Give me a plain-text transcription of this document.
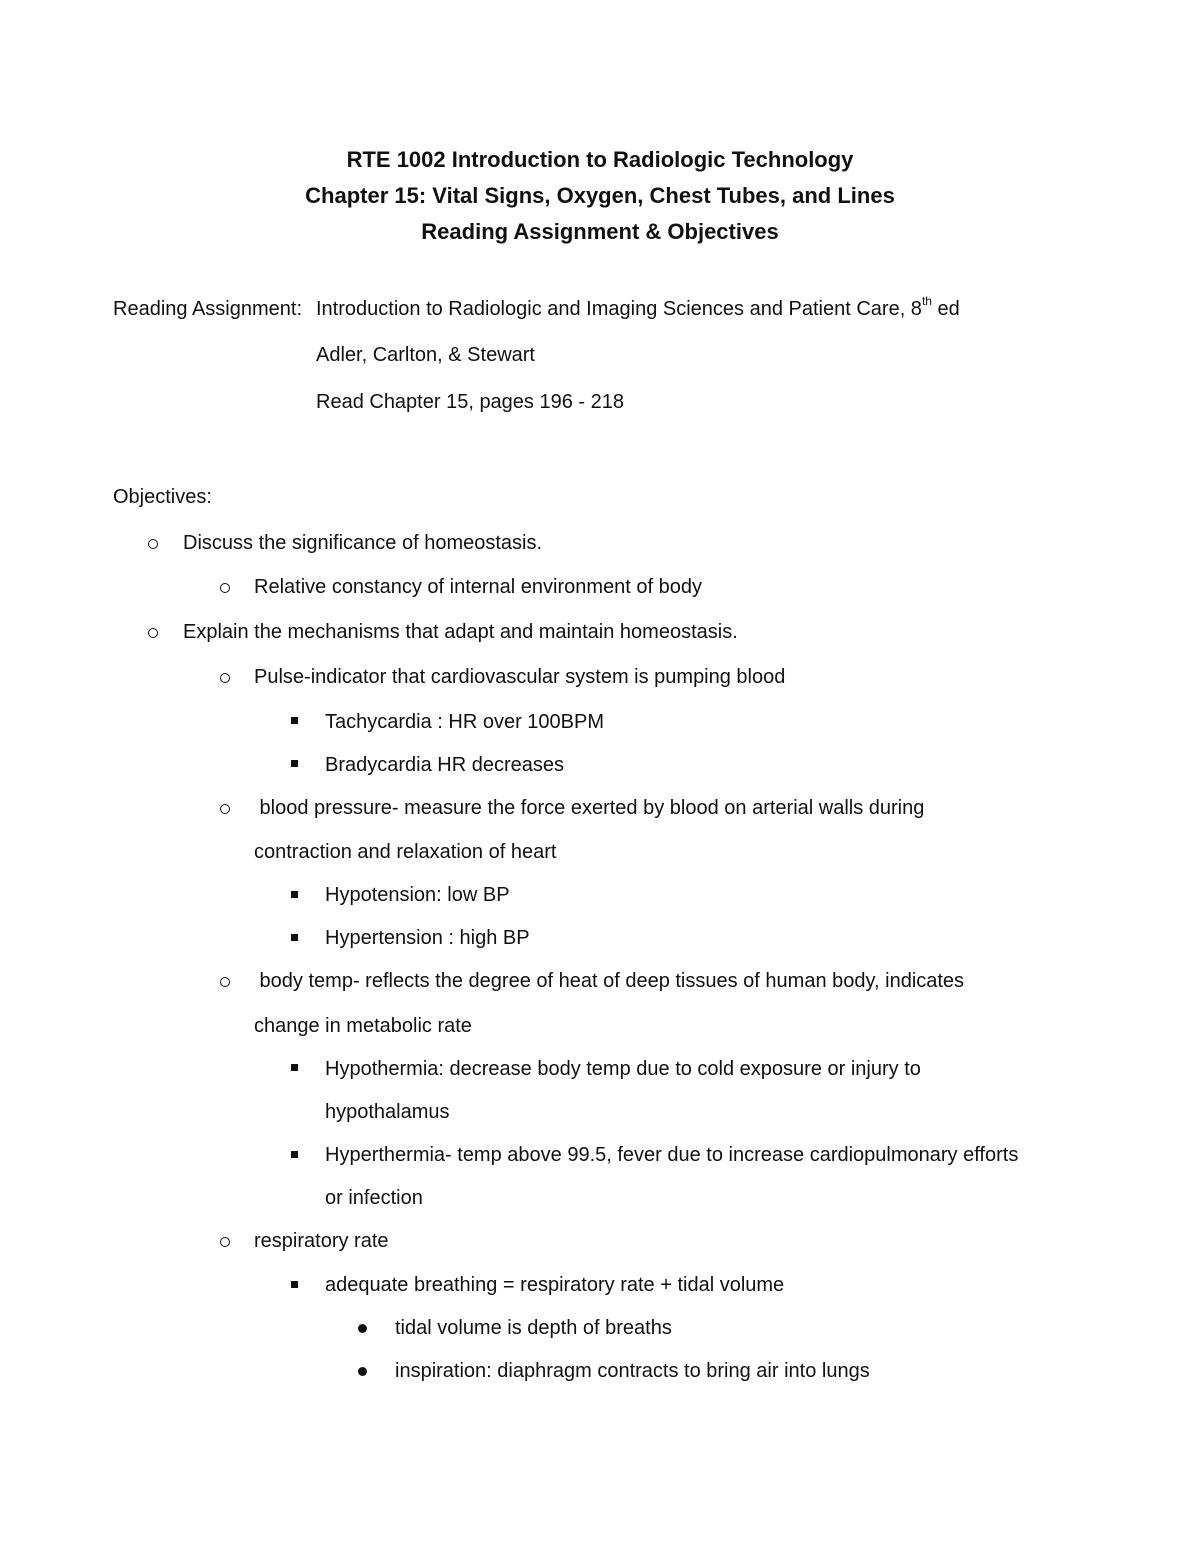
RTE 1002 Introduction to Radiologic Technology
Chapter 15: Vital Signs, Oxygen, Chest Tubes, and Lines
Reading Assignment & Objectives
Reading Assignment: Introduction to Radiologic and Imaging Sciences and Patient Care, 8th ed
Adler, Carlton, & Stewart
Read Chapter 15, pages 196 - 218
Objectives:
Discuss the significance of homeostasis.
Relative constancy of internal environment of body
Explain the mechanisms that adapt and maintain homeostasis.
Pulse-indicator that cardiovascular system is pumping blood
Tachycardia : HR over 100BPM
Bradycardia HR decreases
blood pressure- measure the force exerted by blood on arterial walls during
contraction and relaxation of heart
Hypotension: low BP
Hypertension : high BP
body temp- reflects the degree of heat of deep tissues of human body, indicates
change in metabolic rate
Hypothermia: decrease body temp due to cold exposure or injury to
hypothalamus
Hyperthermia- temp above 99.5, fever due to increase cardiopulmonary efforts
or infection
respiratory rate
adequate breathing = respiratory rate + tidal volume
tidal volume is depth of breaths
inspiration: diaphragm contracts to bring air into lungs
